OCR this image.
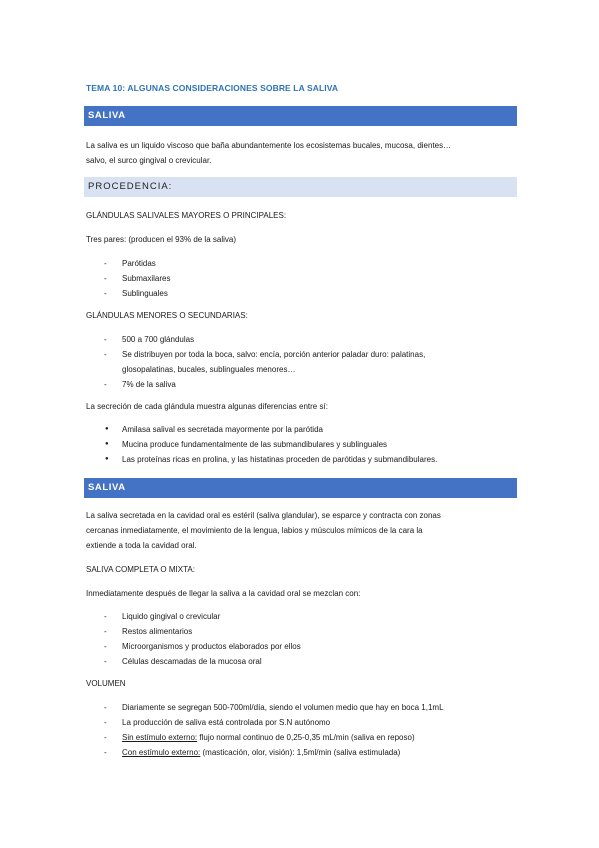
TEMA 10: ALGUNAS CONSIDERACIONES SOBRE LA SALIVA
SALIVA
La saliva es un liquido viscoso que baña abundantemente los ecosistemas bucales, mucosa, dientes…
salvo, el surco gingival o crevicular.
PROCEDENCIA:
GLÁNDULAS SALIVALES MAYORES O PRINCIPALES:
Tres pares: (producen el 93% de la saliva)
- Parótidas
- Submaxilares
- Sublinguales
GLÁNDULAS MENORES O SECUNDARIAS:
- 500 a 700 glándulas
- Se distribuyen por toda la boca, salvo: encía, porción anterior paladar duro: palatinas,
glosopalatinas, bucales, sublinguales menores…
- 7% de la saliva
La secreción de cada glándula muestra algunas diferencias entre sí:
● Amilasa salival es secretada mayormente por la parótida
● Mucina produce fundamentalmente de las submandibulares y sublinguales
● Las proteínas ricas en prolina, y las histatinas proceden de parótidas y submandibulares.
SALIVA
La saliva secretada en la cavidad oral es estéril (saliva glandular), se esparce y contracta con zonas
cercanas inmediatamente, el movimiento de la lengua, labios y músculos mímicos de la cara la
extiende a toda la cavidad oral.
SALIVA COMPLETA O MIXTA:
Inmediatamente después de llegar la saliva a la cavidad oral se mezclan con:
- Liquido gingival o crevicular
- Restos alimentarios
- Microorganismos y productos elaborados por ellos
- Células descamadas de la mucosa oral
VOLUMEN
- Diariamente se segregan 500-700ml/día, siendo el volumen medio que hay en boca 1,1mL
- La producción de saliva está controlada por S.N autónomo
- Sin estímulo externo: flujo normal continuo de 0,25-0,35 mL/min (saliva en reposo)
- Con estímulo externo: (masticación, olor, visión): 1,5ml/min (saliva estimulada)
